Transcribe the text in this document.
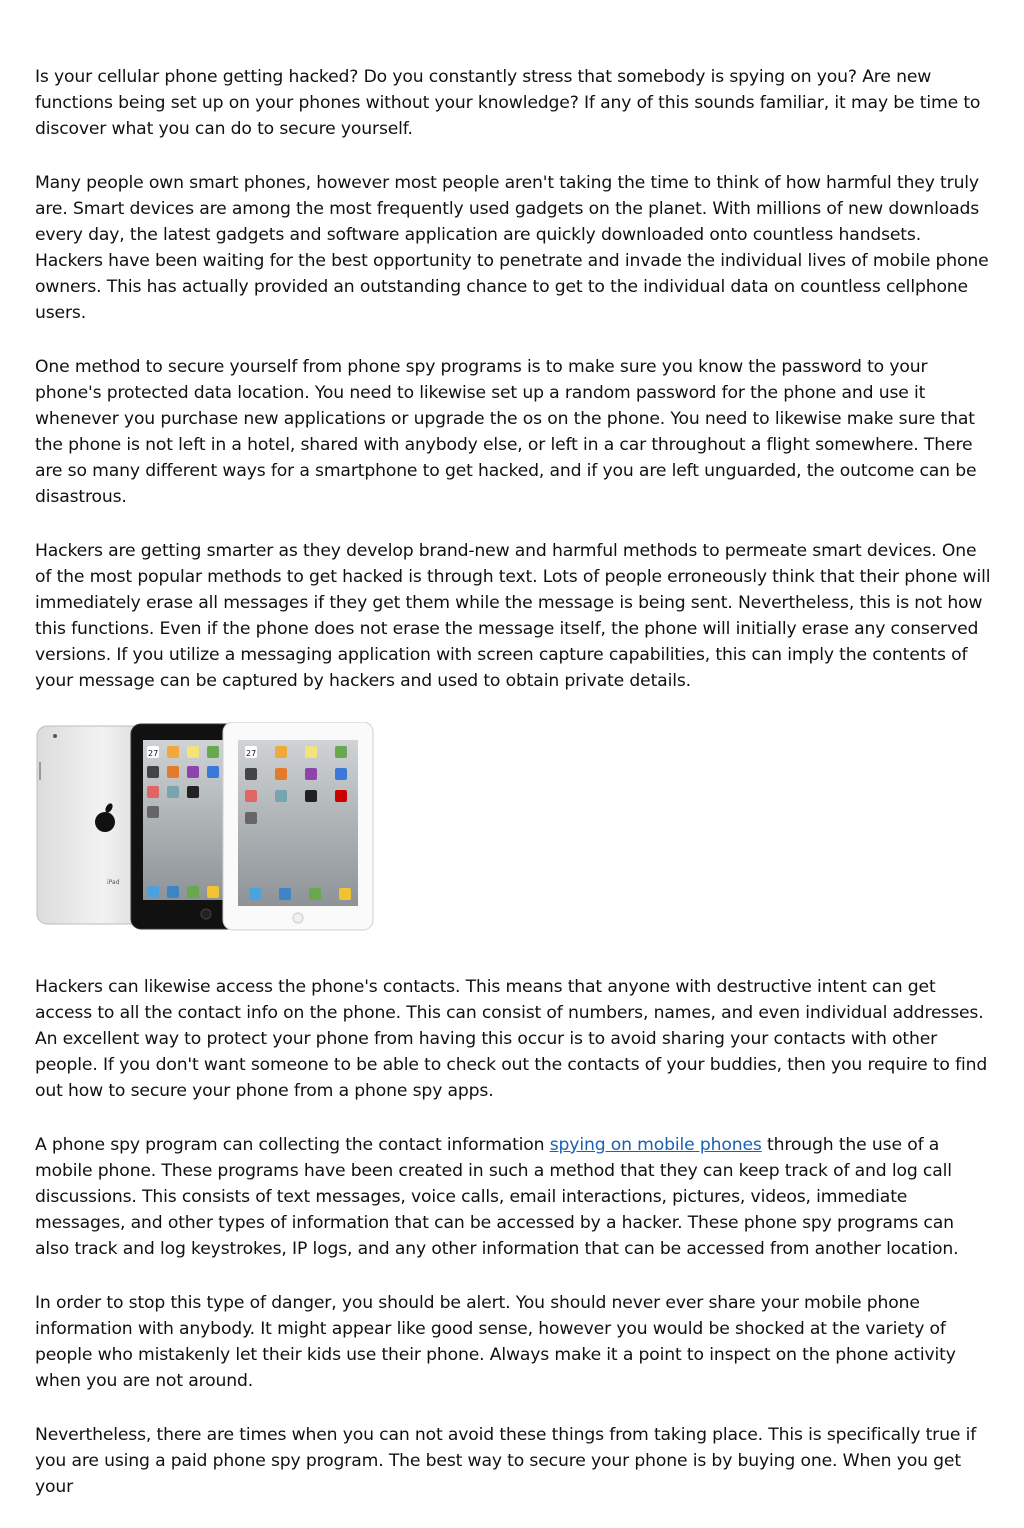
Is your cellular phone getting hacked? Do you constantly stress that somebody is spying on you? Are new functions being set up on your phones without your knowledge? If any of this sounds familiar, it may be time to discover what you can do to secure yourself.

Many people own smart phones, however most people aren't taking the time to think of how harmful they truly are. Smart devices are among the most frequently used gadgets on the planet. With millions of new downloads every day, the latest gadgets and software application are quickly downloaded onto countless handsets. Hackers have been waiting for the best opportunity to penetrate and invade the individual lives of mobile phone owners. This has actually provided an outstanding chance to get to the individual data on countless cellphone users.

One method to secure yourself from phone spy programs is to make sure you know the password to your phone's protected data location. You need to likewise set up a random password for the phone and use it whenever you purchase new applications or upgrade the os on the phone. You need to likewise make sure that the phone is not left in a hotel, shared with anybody else, or left in a car throughout a flight somewhere. There are so many different ways for a smartphone to get hacked, and if you are left unguarded, the outcome can be disastrous.

Hackers are getting smarter as they develop brand-new and harmful methods to permeate smart devices. One of the most popular methods to get hacked is through text. Lots of people erroneously think that their phone will immediately erase all messages if they get them while the message is being sent. Nevertheless, this is not how this functions. Even if the phone does not erase the message itself, the phone will initially erase any conserved versions. If you utilize a messaging application with screen capture capabilities, this can imply the contents of your message can be captured by hackers and used to obtain private details.

iPad
27	27

Hackers can likewise access the phone's contacts. This means that anyone with destructive intent can get access to all the contact info on the phone. This can consist of numbers, names, and even individual addresses. An excellent way to protect your phone from having this occur is to avoid sharing your contacts with other people. If you don't want someone to be able to check out the contacts of your buddies, then you require to find out how to secure your phone from a phone spy apps.

A phone spy program can collecting the contact information spying on mobile phones through the use of a mobile phone. These programs have been created in such a method that they can keep track of and log call discussions. This consists of text messages, voice calls, email interactions, pictures, videos, immediate messages, and other types of information that can be accessed by a hacker. These phone spy programs can also track and log keystrokes, IP logs, and any other information that can be accessed from another location.

In order to stop this type of danger, you should be alert. You should never ever share your mobile phone information with anybody. It might appear like good sense, however you would be shocked at the variety of people who mistakenly let their kids use their phone. Always make it a point to inspect on the phone activity when you are not around.

Nevertheless, there are times when you can not avoid these things from taking place. This is specifically true if you are using a paid phone spy program. The best way to secure your phone is by buying one. When you get your
